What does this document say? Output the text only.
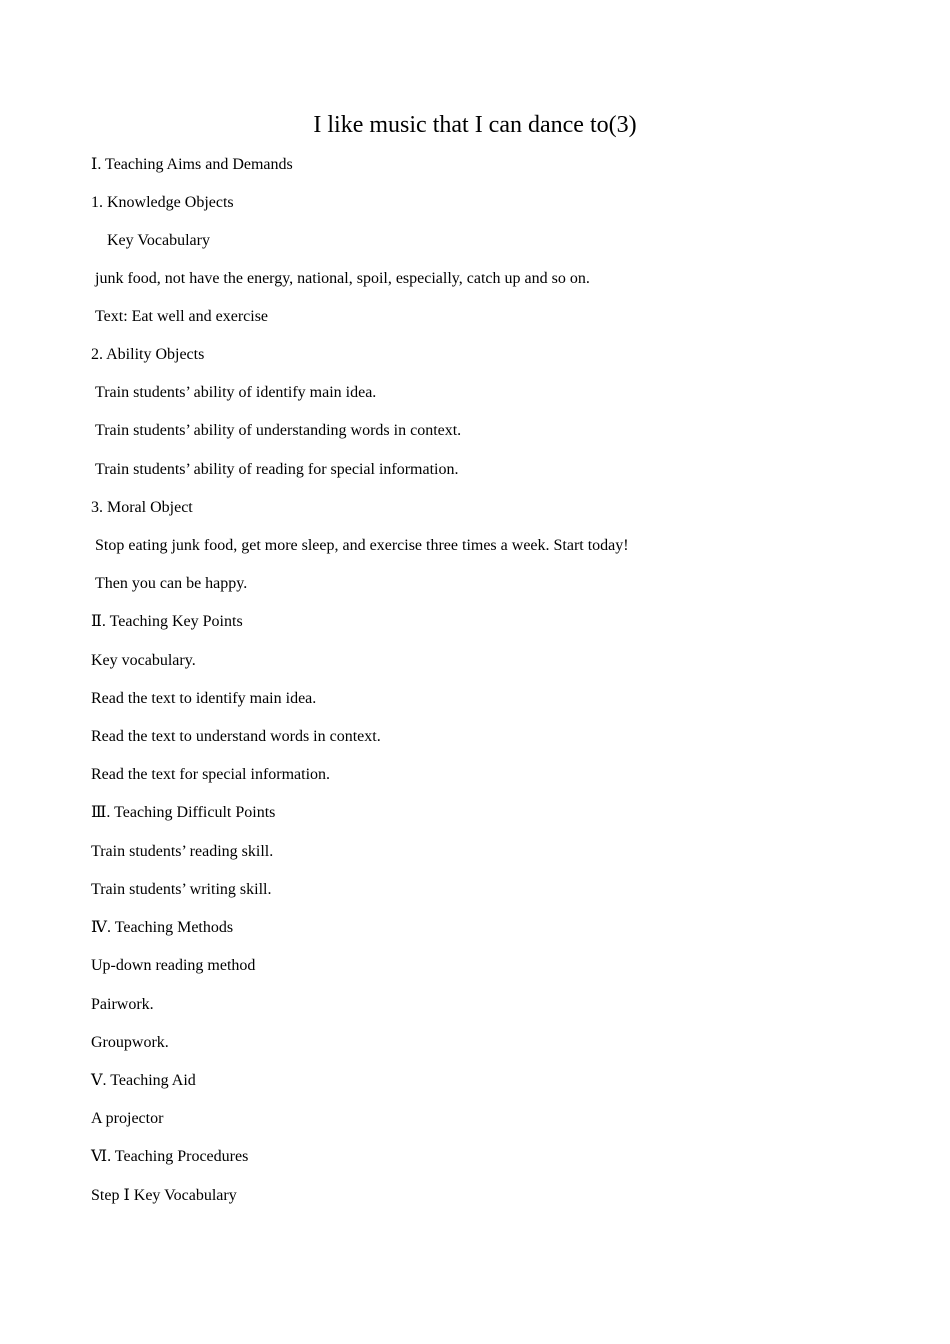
I like music that I can dance to(3)
Ⅰ. Teaching Aims and Demands
1. Knowledge Objects
Key Vocabulary
junk food, not have the energy, national, spoil, especially, catch up and so on.
Text: Eat well and exercise
2. Ability Objects
Train students’ ability of identify main idea.
Train students’ ability of understanding words in context.
Train students’ ability of reading for special information.
3. Moral Object
Stop eating junk food, get more sleep, and exercise three times a week. Start today!
Then you can be happy.
Ⅱ. Teaching Key Points
Key vocabulary.
Read the text to identify main idea.
Read the text to understand words in context.
Read the text for special information.
Ⅲ. Teaching Difficult Points
Train students’ reading skill.
Train students’ writing skill.
Ⅳ. Teaching Methods
Up-down reading method
Pairwork.
Groupwork.
Ⅴ. Teaching Aid
A projector
Ⅵ. Teaching Procedures
Step Ⅰ Key Vocabulary
